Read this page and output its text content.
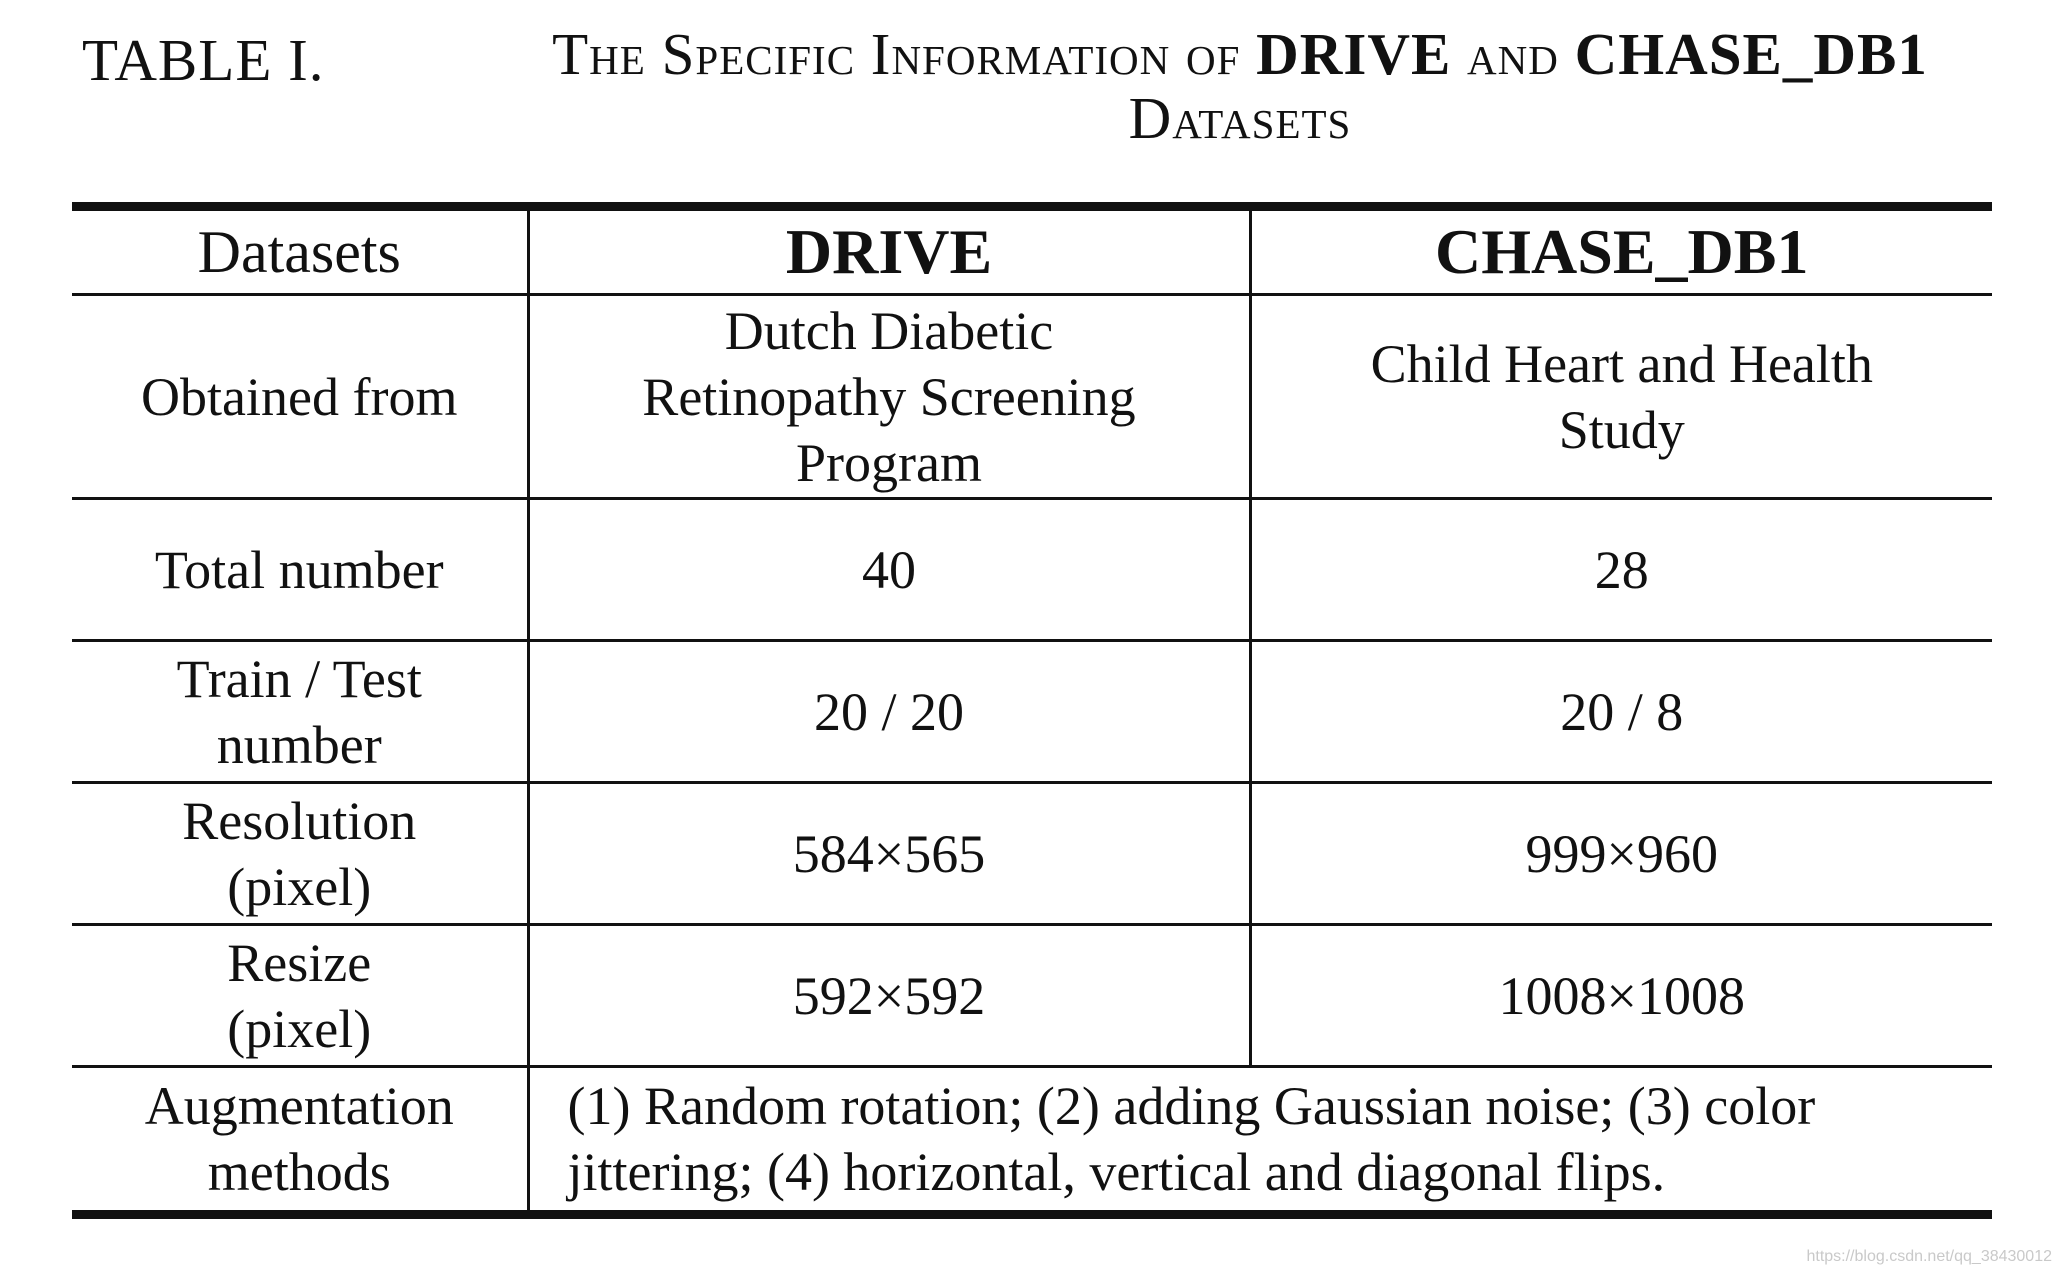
TABLE I.	The Specific Information of DRIVE and CHASE_DB1
Datasets
Datasets	DRIVE	CHASE_DB1
Obtained from	Dutch Diabetic Retinopathy Screening Program	Child Heart and Health Study
Total number	40	28
Train / Test number	20 / 20	20 / 8
Resolution (pixel)	584×565	999×960
Resize (pixel)	592×592	1008×1008
Augmentation methods	(1) Random rotation; (2) adding Gaussian noise; (3) color jittering; (4) horizontal, vertical and diagonal flips.	
https://blog.csdn.net/qq_38430012
